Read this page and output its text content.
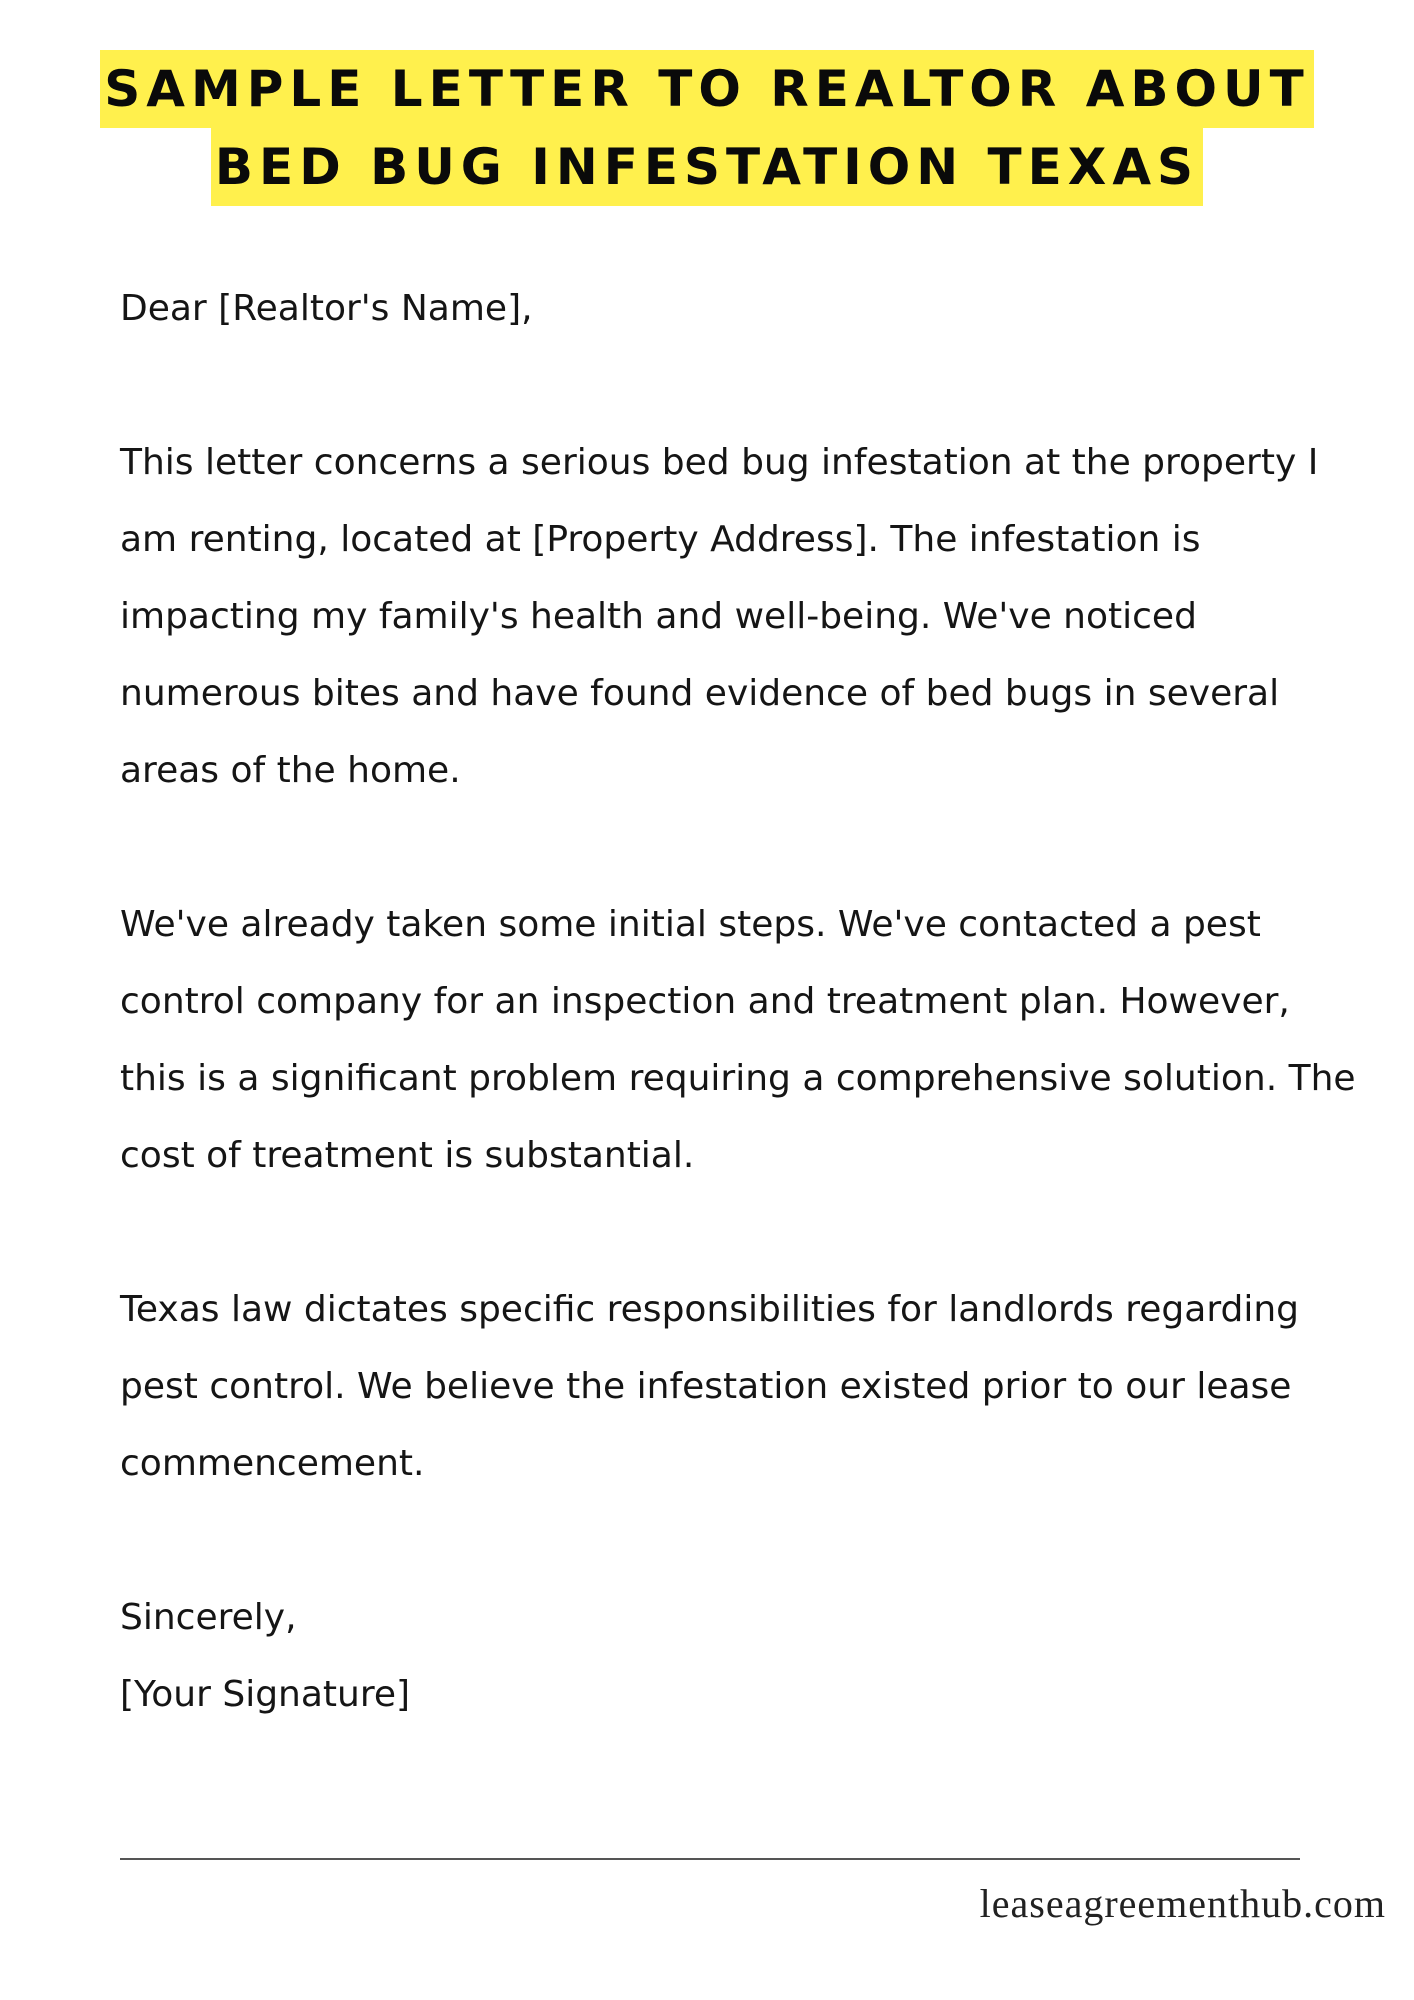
SAMPLE LETTER TO REALTOR ABOUT
BED BUG INFESTATION TEXAS

Dear [Realtor's Name],

This letter concerns a serious bed bug infestation at the property I am renting, located at [Property Address]. The infestation is impacting my family's health and well-being. We've noticed numerous bites and have found evidence of bed bugs in several areas of the home.

We've already taken some initial steps. We've contacted a pest control company for an inspection and treatment plan. However, this is a significant problem requiring a comprehensive solution. The cost of treatment is substantial.

Texas law dictates specific responsibilities for landlords regarding pest control. We believe the infestation existed prior to our lease commencement.

Sincerely,

[Your Signature]

leaseagreementhub.com
